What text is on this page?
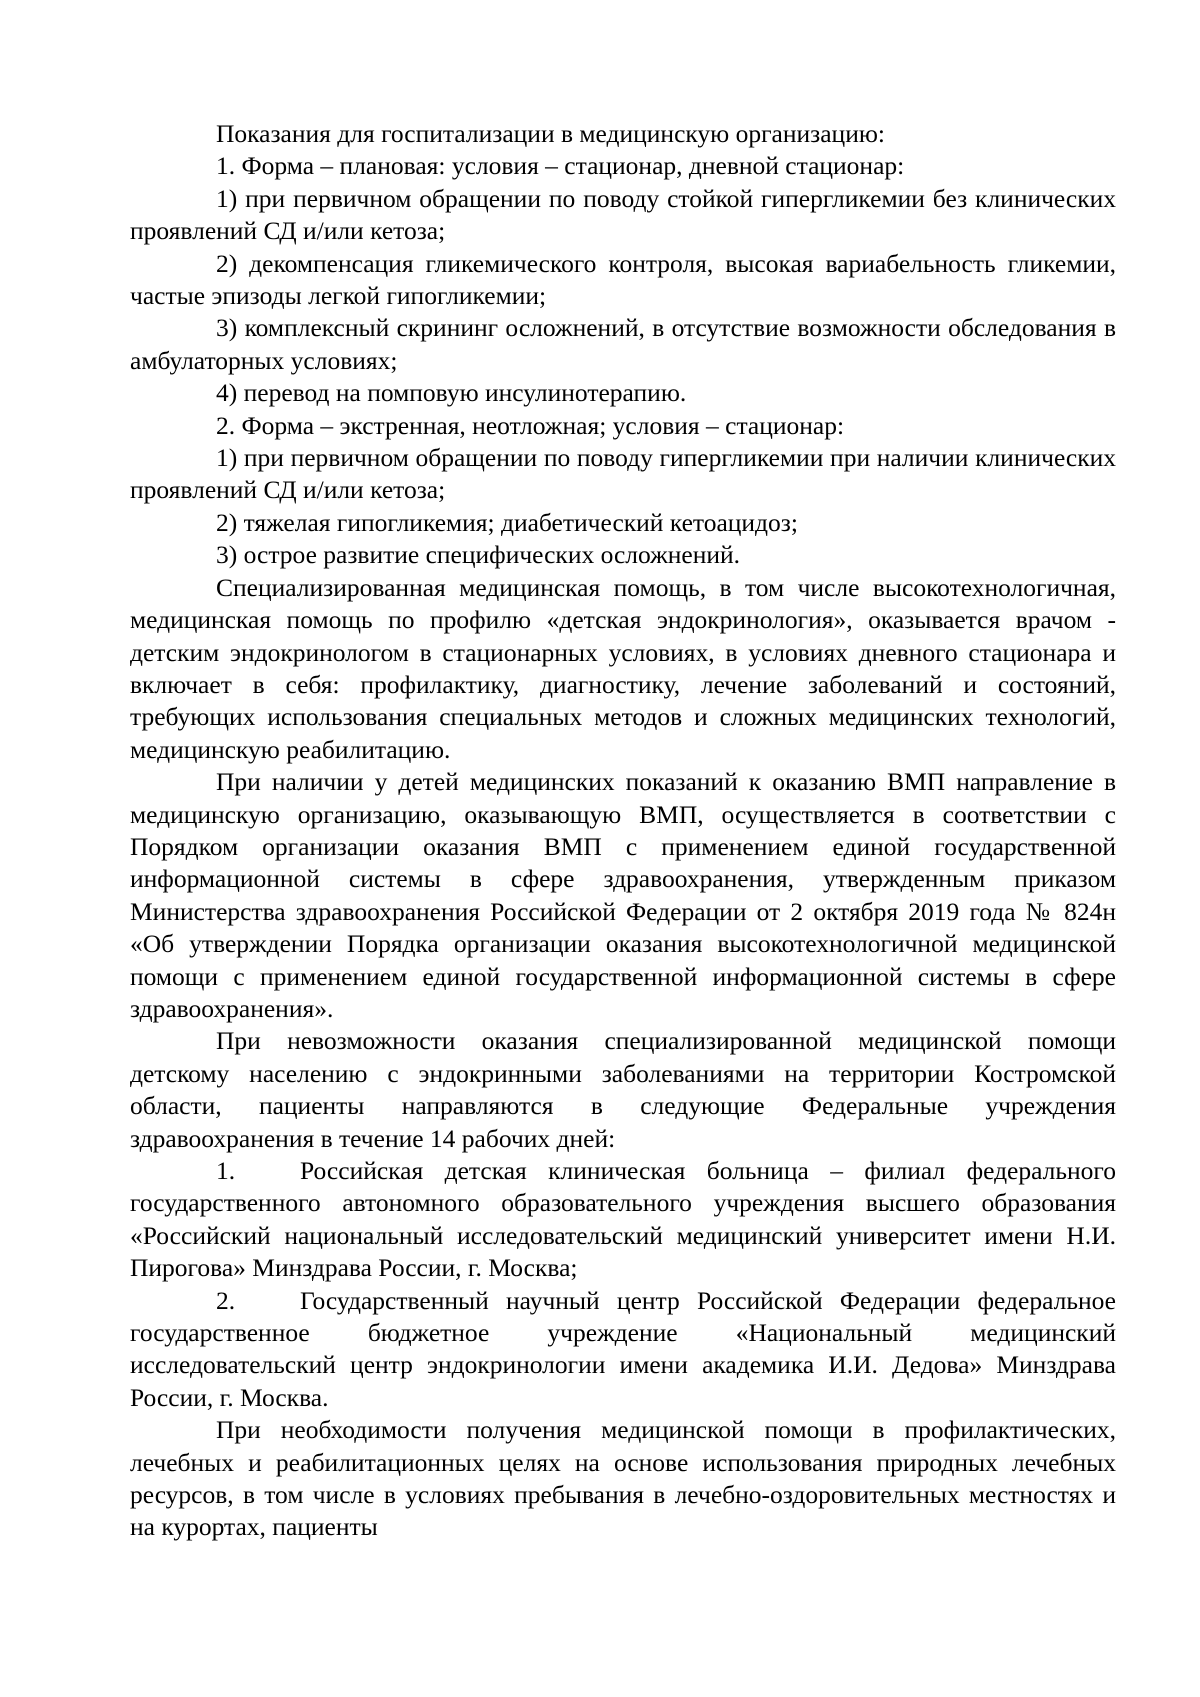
Показания для госпитализации в медицинскую организацию:

1. Форма – плановая: условия – стационар, дневной стационар:

1) при первичном обращении по поводу стойкой гипергликемии без клинических проявлений СД и/или кетоза;

2) декомпенсация гликемического контроля, высокая вариабельность гликемии, частые эпизоды легкой гипогликемии;

3) комплексный скрининг осложнений, в отсутствие возможности обследования в амбулаторных условиях;

4) перевод на помповую инсулинотерапию.

2. Форма – экстренная, неотложная; условия – стационар:

1) при первичном обращении по поводу гипергликемии при наличии клинических проявлений СД и/или кетоза;

2) тяжелая гипогликемия; диабетический кетоацидоз;

3) острое развитие специфических осложнений.

Специализированная медицинская помощь, в том числе высокотехнологичная, медицинская помощь по профилю «детская эндокринология», оказывается врачом - детским эндокринологом в стационарных условиях, в условиях дневного стационара и включает в себя: профилактику, диагностику, лечение заболеваний и состояний, требующих использования специальных методов и сложных медицинских технологий, медицинскую реабилитацию.

При наличии у детей медицинских показаний к оказанию ВМП направление в медицинскую организацию, оказывающую ВМП, осуществляется в соответствии с Порядком организации оказания ВМП с применением единой государственной информационной системы в сфере здравоохранения, утвержденным приказом Министерства здравоохранения Российской Федерации от 2 октября 2019 года № 824н «Об утверждении Порядка организации оказания высокотехнологичной медицинской помощи с применением единой государственной информационной системы в сфере здравоохранения».

При невозможности оказания специализированной медицинской помощи детскому населению с эндокринными заболеваниями на территории Костромской области, пациенты направляются в следующие Федеральные учреждения здравоохранения в течение 14 рабочих дней:

1.	Российская детская клиническая больница – филиал федерального государственного автономного образовательного учреждения высшего образования «Российский национальный исследовательский медицинский университет имени Н.И. Пирогова» Минздрава России, г. Москва;

2.	Государственный научный центр Российской Федерации федеральное государственное бюджетное учреждение «Национальный медицинский исследовательский центр эндокринологии имени академика И.И. Дедова» Минздрава России, г. Москва.

При необходимости получения медицинской помощи в профилактических, лечебных и реабилитационных целях на основе использования природных лечебных ресурсов, в том числе в условиях пребывания в лечебно-оздоровительных местностях и на курортах, пациенты
